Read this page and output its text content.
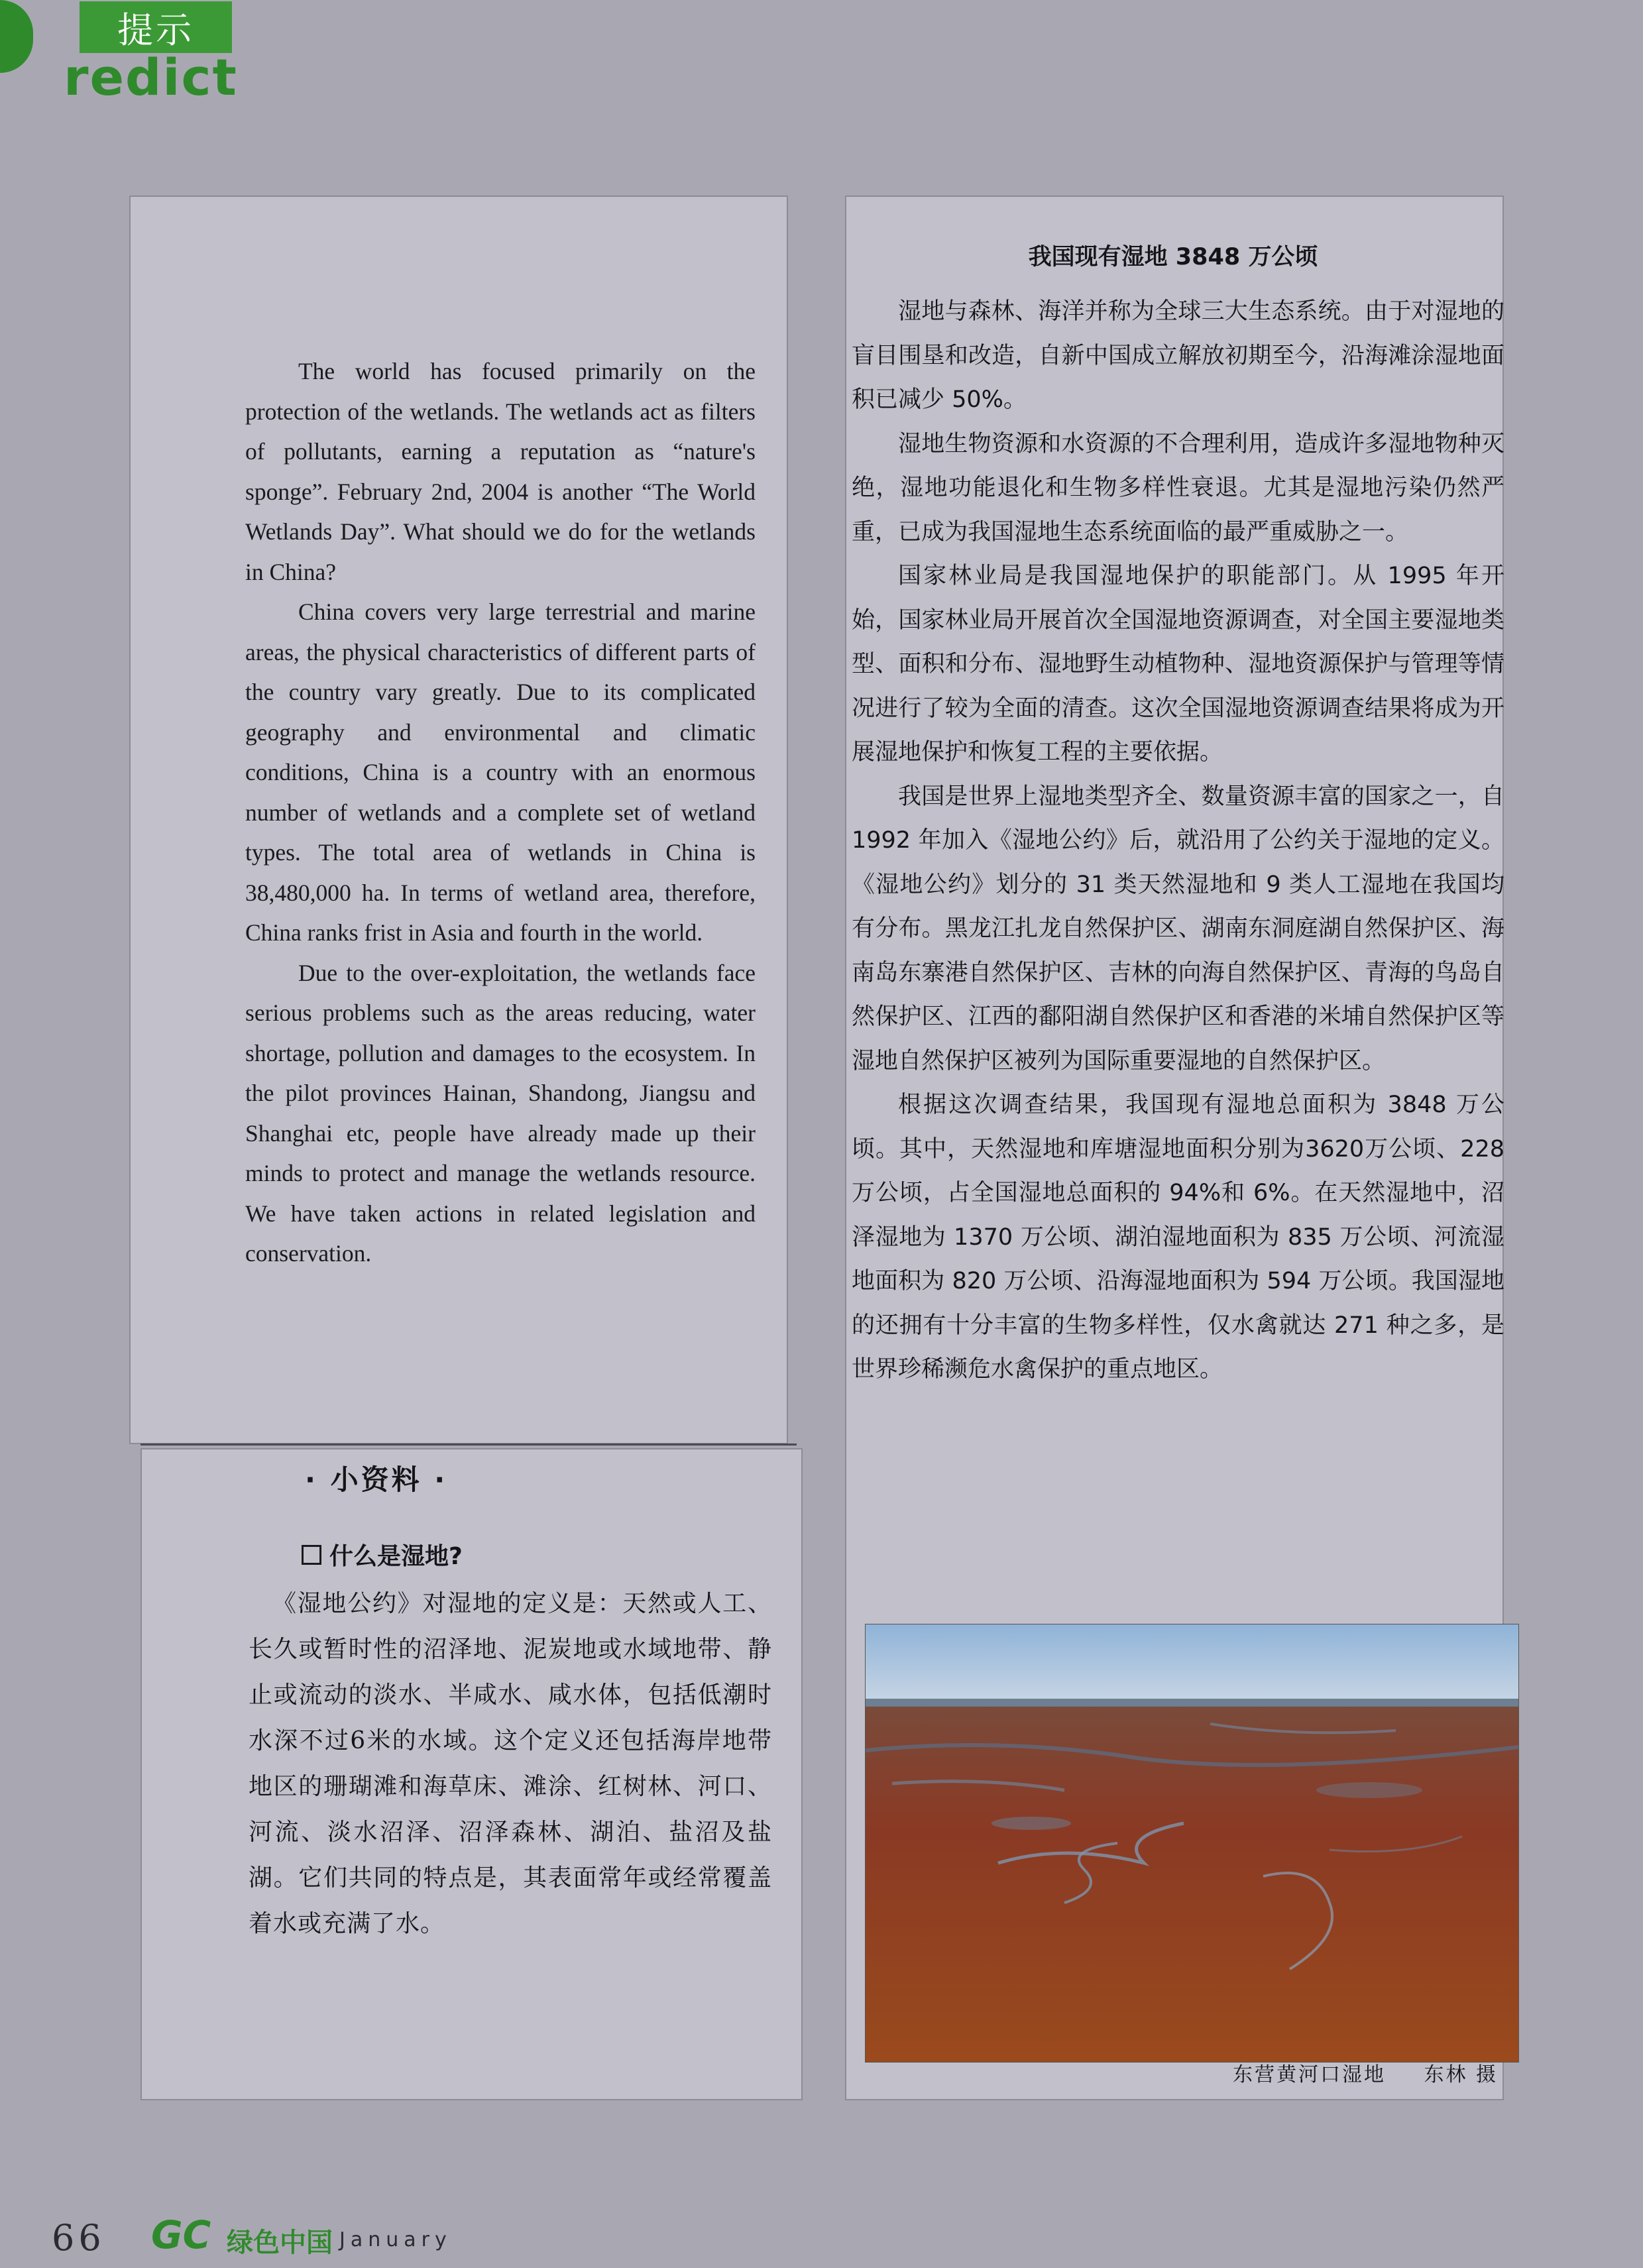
提示
redict

The world has focused primarily on the protection of the wetlands. The wetlands act as filters of pollutants, earning a reputation as “nature's sponge”. February 2nd, 2004 is another “The World Wetlands Day”. What should we do for the wetlands in China?

China covers very large terrestrial and marine areas, the physical characteristics of different parts of the country vary greatly. Due to its complicated geography and environmental and climatic conditions, China is a country with an enormous number of wetlands and a complete set of wetland types. The total area of wetlands in China is 38,480,000 ha. In terms of wetland area, therefore, China ranks frist in Asia and fourth in the world.

Due to the over-exploitation, the wetlands face serious problems such as the areas reducing, water shortage, pollution and damages to the ecosystem. In the pilot provinces Hainan, Shandong, Jiangsu and Shanghai etc, people have already made up their minds to protect and manage the wetlands resource. We have taken actions in related legislation and conservation.

· 小资料 ·
什么是湿地?
《湿地公约》对湿地的定义是：天然或人工、长久或暂时性的沼泽地、泥炭地或水域地带、静止或流动的淡水、半咸水、咸水体，包括低潮时水深不过6米的水域。这个定义还包括海岸地带地区的珊瑚滩和海草床、滩涂、红树林、河口、河流、淡水沼泽、沼泽森林、湖泊、盐沼及盐湖。它们共同的特点是，其表面常年或经常覆盖着水或充满了水。
我国现有湿地 3848 万公顷

湿地与森林、海洋并称为全球三大生态系统。由于对湿地的盲目围垦和改造，自新中国成立解放初期至今，沿海滩涂湿地面积已减少 50%。

湿地生物资源和水资源的不合理利用，造成许多湿地物种灭绝，湿地功能退化和生物多样性衰退。尤其是湿地污染仍然严重，已成为我国湿地生态系统面临的最严重威胁之一。

国家林业局是我国湿地保护的职能部门。从 1995 年开始，国家林业局开展首次全国湿地资源调查，对全国主要湿地类型、面积和分布、湿地野生动植物种、湿地资源保护与管理等情况进行了较为全面的清查。这次全国湿地资源调查结果将成为开展湿地保护和恢复工程的主要依据。

我国是世界上湿地类型齐全、数量资源丰富的国家之一，自 1992 年加入《湿地公约》后，就沿用了公约关于湿地的定义。《湿地公约》划分的 31 类天然湿地和 9 类人工湿地在我国均有分布。黑龙江扎龙自然保护区、湖南东洞庭湖自然保护区、海南岛东寨港自然保护区、吉林的向海自然保护区、青海的鸟岛自然保护区、江西的鄱阳湖自然保护区和香港的米埔自然保护区等湿地自然保护区被列为国际重要湿地的自然保护区。

根据这次调查结果，我国现有湿地总面积为 3848 万公顷。其中，天然湿地和库塘湿地面积分别为3620万公顷、228 万公顷，占全国湿地总面积的 94%和 6%。在天然湿地中，沼泽湿地为 1370 万公顷、湖泊湿地面积为 835 万公顷、河流湿地面积为 820 万公顷、沿海湿地面积为 594 万公顷。我国湿地的还拥有十分丰富的生物多样性，仅水禽就达 271 种之多，是世界珍稀濒危水禽保护的重点地区。

东营黄河口湿地 东林 摄
66 GC 绿色中国 January
